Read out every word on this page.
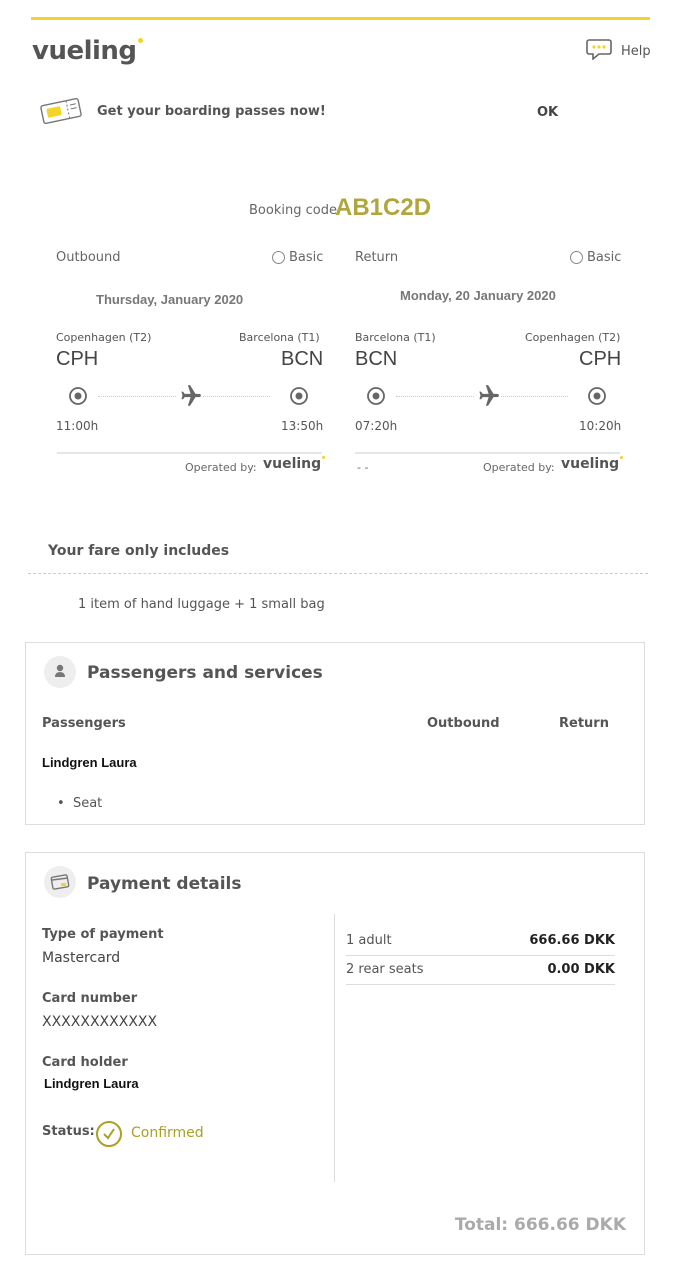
vueling	Help
Get your boarding passes now!	OK
Booking code
AB1C2D
Outbound	Basic
Thursday, January 2020
Copenhagen (T2)	Barcelona (T1)
CPH	BCN
11:00h	13:50h
Operated by: vueling
Return	Basic
Monday, 20 January 2020
Barcelona (T1)	Copenhagen (T2)
BCN	CPH
07:20h	10:20h
- -	Operated by: vueling
Your fare only includes
1 item of hand luggage + 1 small bag
Passengers and services
Passengers	Outbound	Return
Lindgren Laura
•  Seat
Payment details
Type of payment
Mastercard
Card number
XXXXXXXXXXXX
Card holder
Lindgren Laura
Status:	Confirmed
1 adult	666.66 DKK
2 rear seats	0.00 DKK
Total: 666.66 DKK
